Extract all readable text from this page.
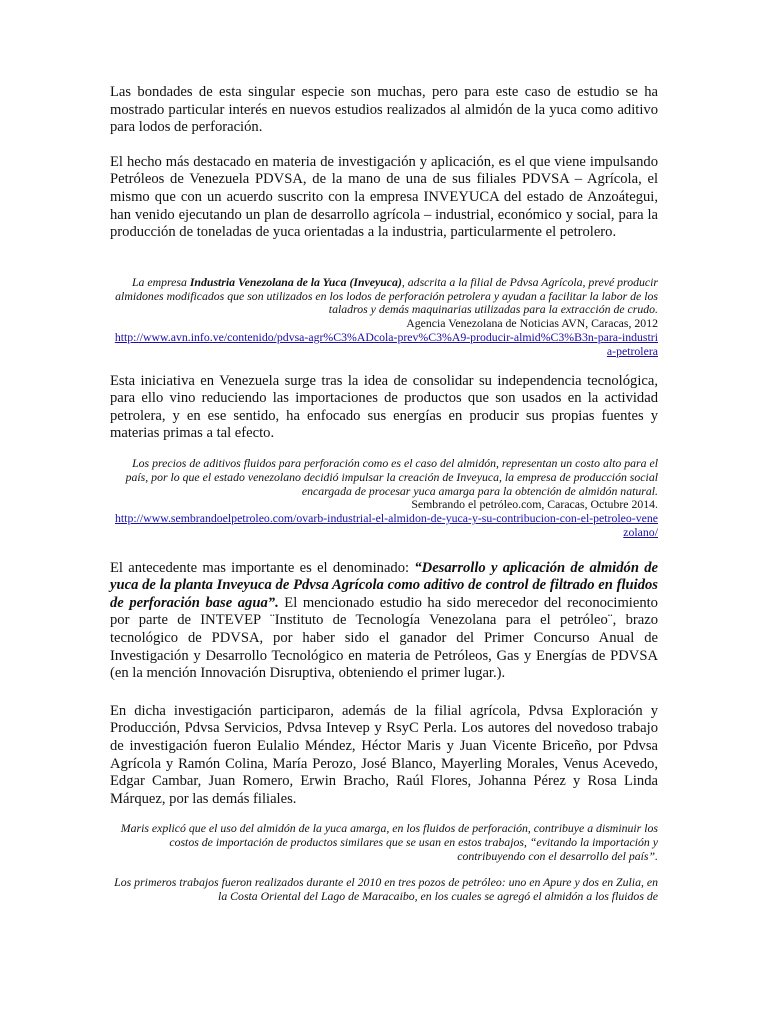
Las bondades de esta singular especie son muchas, pero para este caso de estudio se ha mostrado particular interés en nuevos estudios realizados al almidón de la yuca como aditivo para lodos de perforación.

El hecho más destacado en materia de investigación y aplicación, es el que viene impulsando Petróleos de Venezuela PDVSA, de la mano de una de sus filiales PDVSA – Agrícola, el mismo que con un acuerdo suscrito con la empresa INVEYUCA del estado de Anzoátegui, han venido ejecutando un plan de desarrollo agrícola – industrial, económico y social, para la producción de toneladas de yuca orientadas a la industria, particularmente el petrolero.

La empresa Industria Venezolana de la Yuca (Inveyuca), adscrita a la filial de Pdvsa Agrícola, prevé producir almidones modificados que son utilizados en los lodos de perforación petrolera y ayudan a facilitar la labor de los taladros y demás maquinarias utilizadas para la extracción de crudo.
Agencia Venezolana de Noticias AVN, Caracas, 2012
http://www.avn.info.ve/contenido/pdvsa-agr%C3%ADcola-prev%C3%A9-producir-almid%C3%B3n-para-industria-petrolera

Esta iniciativa en Venezuela surge tras la idea de consolidar su independencia tecnológica, para ello vino reduciendo las importaciones de productos que son usados en la actividad petrolera, y en ese sentido, ha enfocado sus energías en producir sus propias fuentes y materias primas a tal efecto.

Los precios de aditivos fluidos para perforación como es el caso del almidón, representan un costo alto para el país, por lo que el estado venezolano decidió impulsar la creación de Inveyuca, la empresa de producción social encargada de procesar yuca amarga para la obtención de almidón natural.
Sembrando el petróleo.com, Caracas, Octubre 2014.
http://www.sembrandoelpetroleo.com/ovarb-industrial-el-almidon-de-yuca-y-su-contribucion-con-el-petroleo-venezolano/

El antecedente mas importante es el denominado: “Desarrollo y aplicación de almidón de yuca de la planta Inveyuca de Pdvsa Agrícola como aditivo de control de filtrado en fluidos de perforación base agua”. El mencionado estudio ha sido merecedor del reconocimiento por parte de INTEVEP ¨Instituto de Tecnología Venezolana para el petróleo¨, brazo tecnológico de PDVSA, por haber sido el ganador del Primer Concurso Anual de Investigación y Desarrollo Tecnológico en materia de Petróleos, Gas y Energías de PDVSA (en la mención Innovación Disruptiva, obteniendo el primer lugar.).

En dicha investigación participaron, además de la filial agrícola, Pdvsa Exploración y Producción, Pdvsa Servicios, Pdvsa Intevep y RsyC Perla. Los autores del novedoso trabajo de investigación fueron Eulalio Méndez, Héctor Maris y Juan Vicente Briceño, por Pdvsa Agrícola y Ramón Colina, María Perozo, José Blanco, Mayerling Morales, Venus Acevedo, Edgar Cambar, Juan Romero, Erwin Bracho, Raúl Flores, Johanna Pérez y Rosa Linda Márquez, por las demás filiales.

Maris explicó que el uso del almidón de la yuca amarga, en los fluidos de perforación, contribuye a disminuir los costos de importación de productos similares que se usan en estos trabajos, “evitando la importación y contribuyendo con el desarrollo del país”.
Los primeros trabajos fueron realizados durante el 2010 en tres pozos de petróleo: uno en Apure y dos en Zulia, en la Costa Oriental del Lago de Maracaibo, en los cuales se agregó el almidón a los fluidos de
